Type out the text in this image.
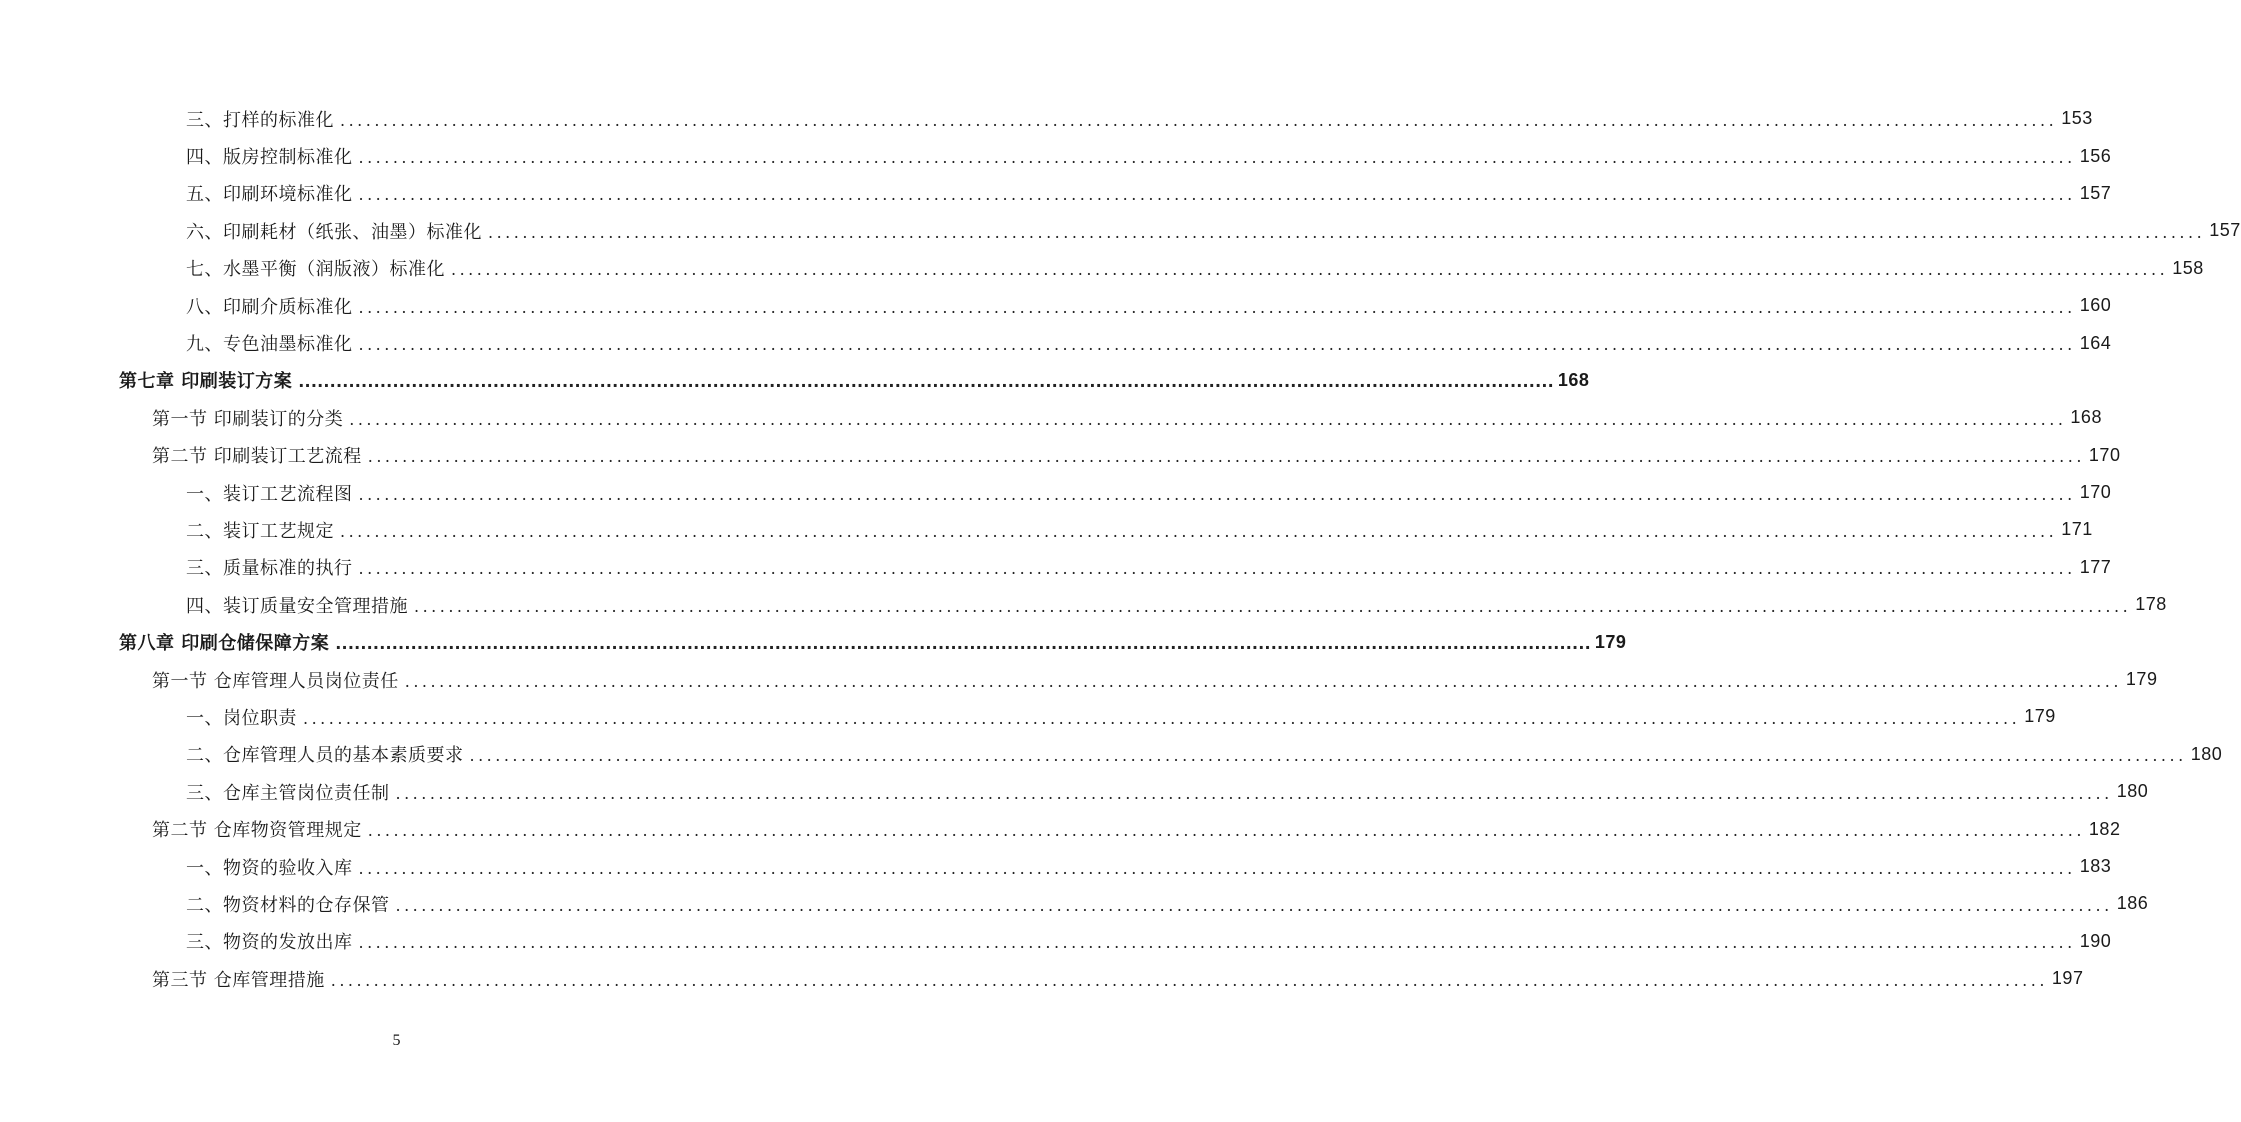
三、打样的标准化 ........................................................................................................................................................................................................ 153
四、版房控制标准化 ........................................................................................................................................................................................................ 156
五、印刷环境标准化 ........................................................................................................................................................................................................ 157
六、印刷耗材（纸张、油墨）标准化 ........................................................................................................................................................................................................ 157
七、水墨平衡（润版液）标准化 ........................................................................................................................................................................................................ 158
八、印刷介质标准化 ........................................................................................................................................................................................................ 160
九、专色油墨标准化 ........................................................................................................................................................................................................ 164
第七章 印刷装订方案 ........................................................................................................................................................................................................ 168
第一节 印刷装订的分类 ........................................................................................................................................................................................................ 168
第二节 印刷装订工艺流程 ........................................................................................................................................................................................................ 170
一、装订工艺流程图 ........................................................................................................................................................................................................ 170
二、装订工艺规定 ........................................................................................................................................................................................................ 171
三、质量标准的执行 ........................................................................................................................................................................................................ 177
四、装订质量安全管理措施 ........................................................................................................................................................................................................ 178
第八章 印刷仓储保障方案 ........................................................................................................................................................................................................ 179
第一节 仓库管理人员岗位责任 ........................................................................................................................................................................................................ 179
一、岗位职责 ........................................................................................................................................................................................................ 179
二、仓库管理人员的基本素质要求 ........................................................................................................................................................................................................ 180
三、仓库主管岗位责任制 ........................................................................................................................................................................................................ 180
第二节 仓库物资管理规定 ........................................................................................................................................................................................................ 182
一、物资的验收入库 ........................................................................................................................................................................................................ 183
二、物资材料的仓存保管 ........................................................................................................................................................................................................ 186
三、物资的发放出库 ........................................................................................................................................................................................................ 190
第三节 仓库管理措施 ........................................................................................................................................................................................................ 197
5
